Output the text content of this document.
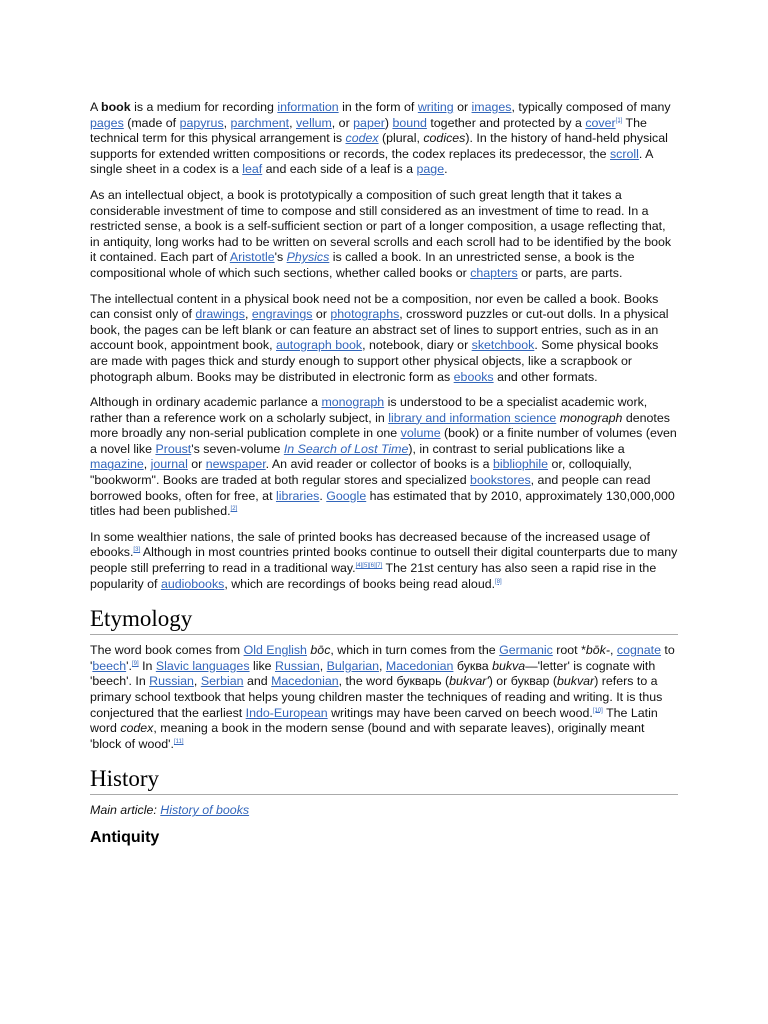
A book is a medium for recording information in the form of writing or images, typically composed of many pages (made of papyrus, parchment, vellum, or paper) bound together and protected by a cover[1] The technical term for this physical arrangement is codex (plural, codices). In the history of hand-held physical supports for extended written compositions or records, the codex replaces its predecessor, the scroll. A single sheet in a codex is a leaf and each side of a leaf is a page.

As an intellectual object, a book is prototypically a composition of such great length that it takes a considerable investment of time to compose and still considered as an investment of time to read. In a restricted sense, a book is a self-sufficient section or part of a longer composition, a usage reflecting that, in antiquity, long works had to be written on several scrolls and each scroll had to be identified by the book it contained. Each part of Aristotle's Physics is called a book. In an unrestricted sense, a book is the compositional whole of which such sections, whether called books or chapters or parts, are parts.

The intellectual content in a physical book need not be a composition, nor even be called a book. Books can consist only of drawings, engravings or photographs, crossword puzzles or cut-out dolls. In a physical book, the pages can be left blank or can feature an abstract set of lines to support entries, such as in an account book, appointment book, autograph book, notebook, diary or sketchbook. Some physical books are made with pages thick and sturdy enough to support other physical objects, like a scrapbook or photograph album. Books may be distributed in electronic form as ebooks and other formats.

Although in ordinary academic parlance a monograph is understood to be a specialist academic work, rather than a reference work on a scholarly subject, in library and information science monograph denotes more broadly any non-serial publication complete in one volume (book) or a finite number of volumes (even a novel like Proust's seven-volume In Search of Lost Time), in contrast to serial publications like a magazine, journal or newspaper. An avid reader or collector of books is a bibliophile or, colloquially, "bookworm". Books are traded at both regular stores and specialized bookstores, and people can read borrowed books, often for free, at libraries. Google has estimated that by 2010, approximately 130,000,000 titles had been published.[2]

In some wealthier nations, the sale of printed books has decreased because of the increased usage of ebooks.[3] Although in most countries printed books continue to outsell their digital counterparts due to many people still preferring to read in a traditional way.[4][5][6][7] The 21st century has also seen a rapid rise in the popularity of audiobooks, which are recordings of books being read aloud.[8]

Etymology

The word book comes from Old English bōc, which in turn comes from the Germanic root *bōk-, cognate to 'beech'.[9] In Slavic languages like Russian, Bulgarian, Macedonian буква bukva—'letter' is cognate with 'beech'. In Russian, Serbian and Macedonian, the word букварь (bukvar') or буквар (bukvar) refers to a primary school textbook that helps young children master the techniques of reading and writing. It is thus conjectured that the earliest Indo-European writings may have been carved on beech wood.[10] The Latin word codex, meaning a book in the modern sense (bound and with separate leaves), originally meant 'block of wood'.[11]

History

Main article: History of books

Antiquity
